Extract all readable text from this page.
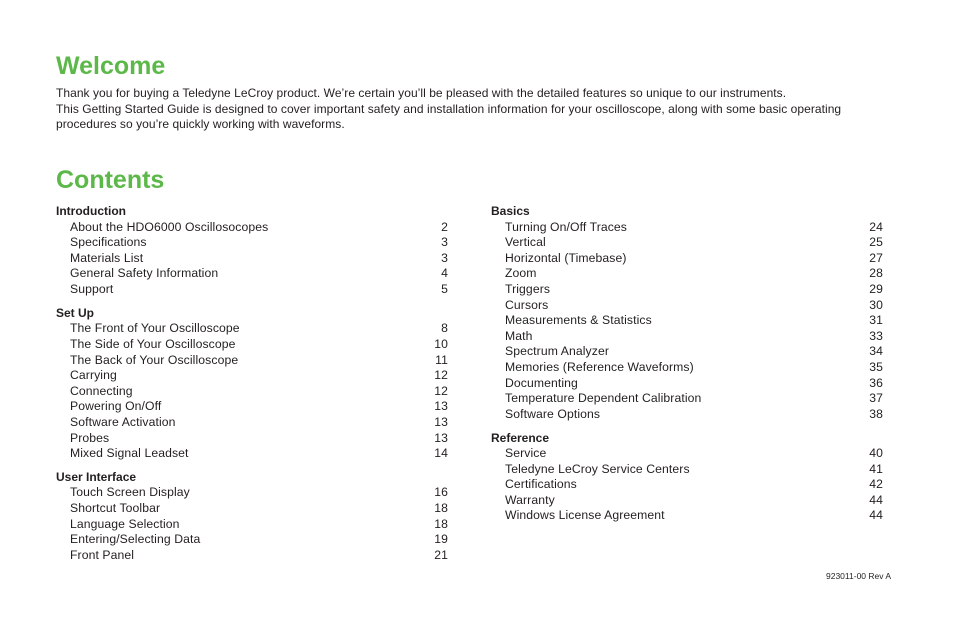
Welcome

Thank you for buying a Teledyne LeCroy product. We’re certain you’ll be pleased with the detailed features so unique to our instruments.

This Getting Started Guide is designed to cover important safety and installation information for your oscilloscope, along with some basic operating procedures so you’re quickly working with waveforms.

Contents
Introduction
About the HDO6000 Oscillosocopes	2
Specifications	3
Materials List	3
General Safety Information	4
Support	5
Set Up
The Front of Your Oscilloscope	8
The Side of Your Oscilloscope	10
The Back of Your Oscilloscope	11
Carrying	12
Connecting	12
Powering On/Off	13
Software Activation	13
Probes	13
Mixed Signal Leadset	14
User Interface
Touch Screen Display	16
Shortcut Toolbar	18
Language Selection	18
Entering/Selecting Data	19
Front Panel	21
Basics
Turning On/Off Traces	24
Vertical	25
Horizontal (Timebase)	27
Zoom	28
Triggers	29
Cursors	30
Measurements & Statistics	31
Math	33
Spectrum Analyzer	34
Memories (Reference Waveforms)	35
Documenting	36
Temperature Dependent Calibration	37
Software Options	38
Reference
Service	40
Teledyne LeCroy Service Centers	41
Certifications	42
Warranty	44
Windows License Agreement	44
923011-00 Rev A
